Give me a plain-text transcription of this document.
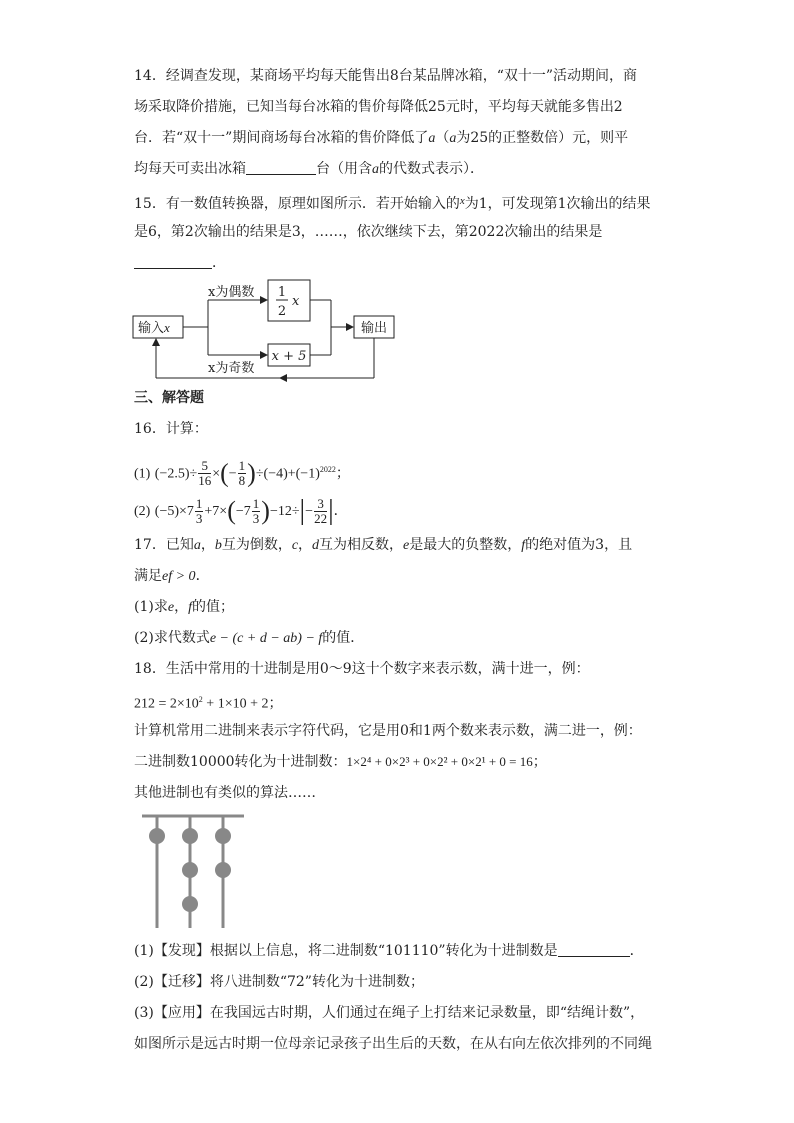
14．经调查发现，某商场平均每天能售出8台某品牌冰箱，“双十一”活动期间，商
场采取降价措施，已知当每台冰箱的售价每降低25元时，平均每天就能多售出2
台．若“双十一”期间商场每台冰箱的售价降低了a（a为25的正整数倍）元，则平
均每天可卖出冰箱	台（用含a的代数式表示）．
15．有一数值转换器，原理如图所示．若开始输入的$^x$为1，可发现第1次输出的结果
是6，第2次输出的结果是3，……，依次继续下去，第2022次输出的结果是
．
输入x
x为偶数
x为奇数
1
2
x
x + 5
输出
三、解答题
16．计算：
(1) $(-2.5)\div \frac{5}{16}$ ×(− $\frac{1}{8} )\div(-4)+(-1)^{2022}$；
(2) $(-5)\times 7 \frac{1}{3} +7\times(-7 \frac{1}{3} )-12\div|- \frac{3}{22}$ |．
17．已知a，b互为倒数，c，d互为相反数，e是最大的负整数，f的绝对值为3，且
满足ef > 0．
(1)求e，f的值；
(2)求代数式e − (c + d − ab) − f的值．
18．生活中常用的十进制是用0～9这十个数字来表示数，满十进一，例：
$212 = 2\times 10^2 + 1\times 10 + 2$；
计算机常用二进制来表示字符代码，它是用0和1两个数来表示数，满二进一，例：
二进制数10000转化为十进制数：1×2⁴ + 0×2³ + 0×2² + 0×2¹ + 0 = 16；
其他进制也有类似的算法……
(1)【发现】根据以上信息，将二进制数“101110”转化为十进制数是	．
(2)【迁移】将八进制数“72”转化为十进制数；
(3)【应用】在我国远古时期，人们通过在绳子上打结来记录数量，即“结绳计数”，
如图所示是远古时期一位母亲记录孩子出生后的天数，在从右向左依次排列的不同绳
